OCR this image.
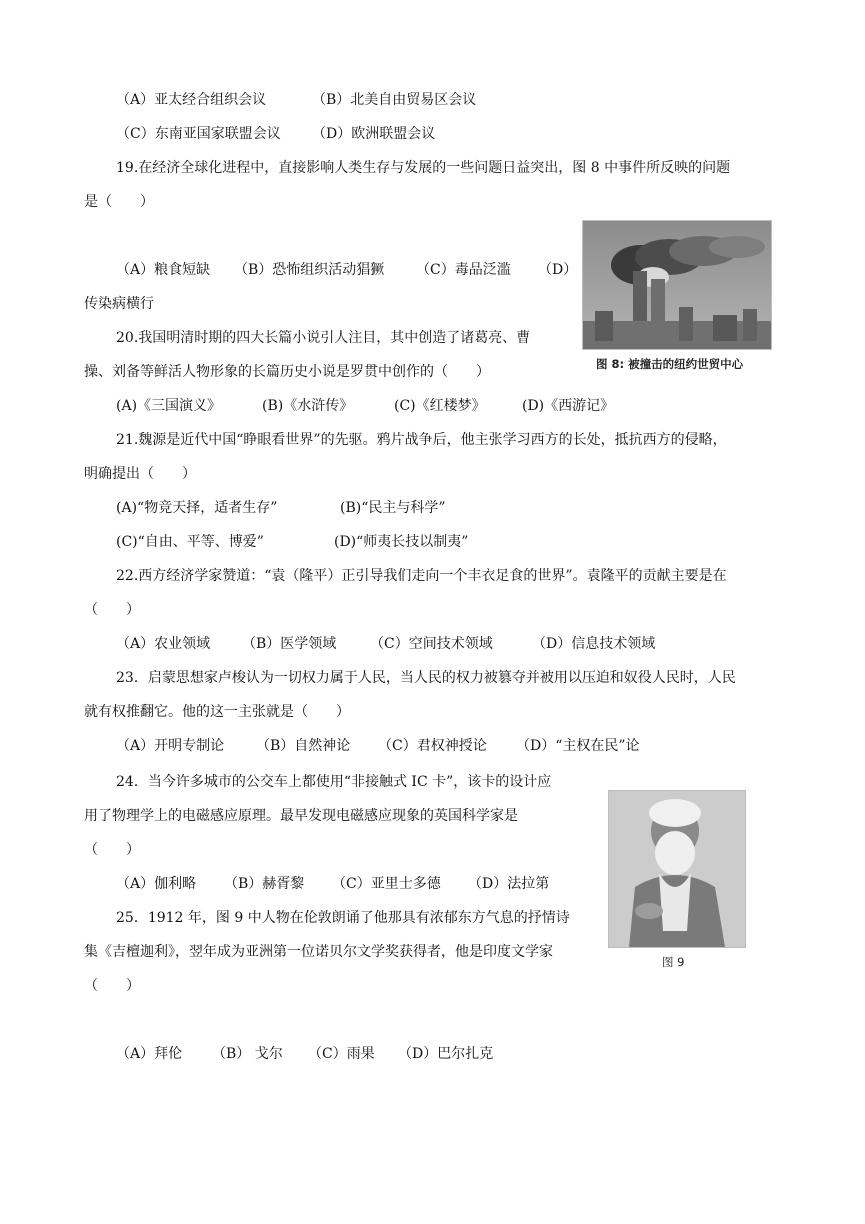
（A）亚太经合组织会议	（B）北美自由贸易区会议
（C）东南亚国家联盟会议 （D）欧洲联盟会议
19.在经济全球化进程中，直接影响人类生存与发展的一些问题日益突出，图 8 中事件所反映的问题
是（　　）
（A）粮食短缺 （B）恐怖组织活动猖獗 （C）毒品泛滥 （D）
传染病横行
图 8: 被撞击的纽约世贸中心
20.我国明清时期的四大长篇小说引人注目，其中创造了诸葛亮、曹
操、刘备等鲜活人物形象的长篇历史小说是罗贯中创作的（　　）
(A)《三国演义》	(B)《水浒传》	(C)《红楼梦》	(D)《西游记》
21.魏源是近代中国“睁眼看世界”的先驱。鸦片战争后，他主张学习西方的长处，抵抗西方的侵略，
明确提出（　　）
(A)“物竞天择，适者生存”	(B)“民主与科学”
(C)“自由、平等、博爱”	(D)“师夷长技以制夷”
22.西方经济学家赞道：“袁（隆平）正引导我们走向一个丰衣足食的世界”。袁隆平的贡献主要是在
（　　）
（A）农业领域 （B）医学领域 （C）空间技术领域	（D）信息技术领域
23．启蒙思想家卢梭认为一切权力属于人民，当人民的权力被篡夺并被用以压迫和奴役人民时，人民
就有权推翻它。他的这一主张就是（　　）
（A）开明专制论 （B）自然神论 （C）君权神授论 （D）“主权在民”论
24．当今许多城市的公交车上都使用“非接触式 IC 卡”，该卡的设计应
用了物理学上的电磁感应原理。最早发现电磁感应现象的英国科学家是
（　　）
（A）伽利略 （B）赫胥黎 （C）亚里士多德 （D）法拉第
图 9
25．1912 年，图 9 中人物在伦敦朗诵了他那具有浓郁东方气息的抒情诗
集《吉檀迦利》，翌年成为亚洲第一位诺贝尔文学奖获得者，他是印度文学家
（　　）
（A）拜伦 （B） 戈尔 （C）雨果 （D）巴尔扎克
